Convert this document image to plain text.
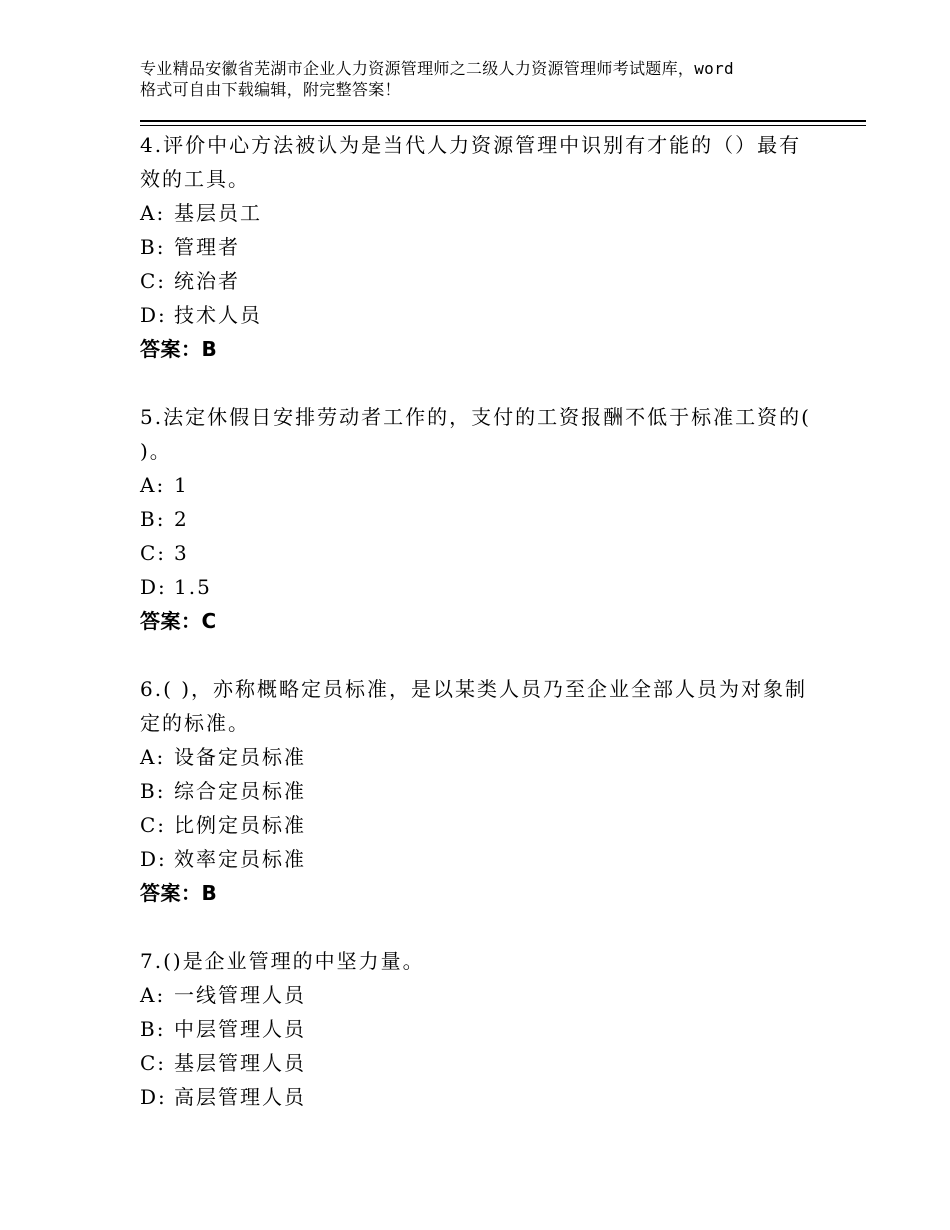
专业精品安徽省芜湖市企业人力资源管理师之二级人力资源管理师考试题库，word
格式可自由下载编辑，附完整答案！
4.评价中心方法被认为是当代人力资源管理中识别有才能的（）最有
效的工具。
A: 基层员工
B: 管理者
C: 统治者
D: 技术人员
答案：B
5.法定休假日安排劳动者工作的，支付的工资报酬不低于标准工资的(
)。
A: 1
B: 2
C: 3
D: 1.5
答案：C
6.( )，亦称概略定员标准，是以某类人员乃至企业全部人员为对象制
定的标准。
A: 设备定员标准
B: 综合定员标准
C: 比例定员标准
D: 效率定员标准
答案：B
7.()是企业管理的中坚力量。
A: 一线管理人员
B: 中层管理人员
C: 基层管理人员
D: 高层管理人员
